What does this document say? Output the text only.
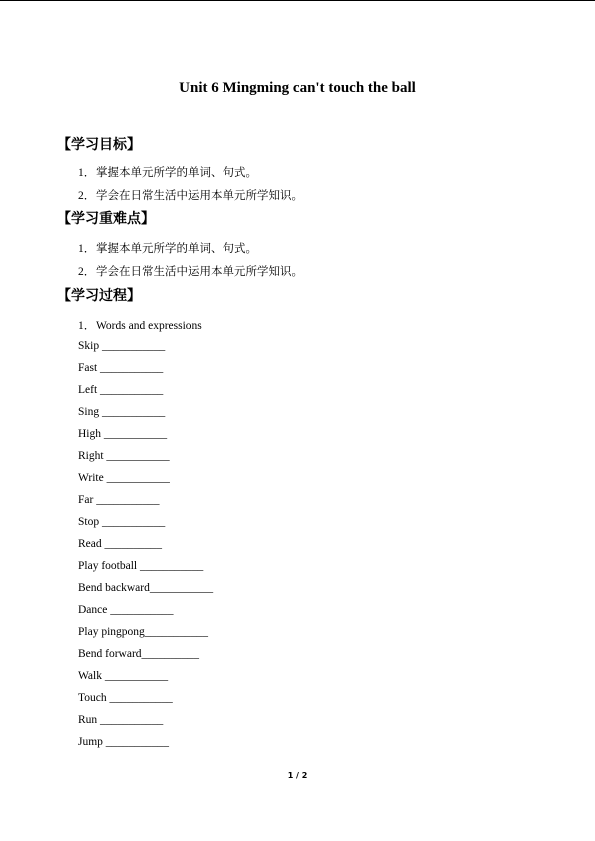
Unit 6 Mingming can't touch the ball
【学习目标】
1．掌握本单元所学的单词、句式。
2．学会在日常生活中运用本单元所学知识。
【学习重难点】
1．掌握本单元所学的单词、句式。
2．学会在日常生活中运用本单元所学知识。
【学习过程】
1．Words and expressions
Skip ___________
Fast ___________
Left ___________
Sing ___________
High ___________
Right ___________
Write ___________
Far ___________
Stop ___________
Read __________
Play football ___________
Bend backward___________
Dance ___________
Play pingpong___________
Bend forward__________
Walk ___________
Touch ___________
Run ___________
Jump ___________
1 / 2
